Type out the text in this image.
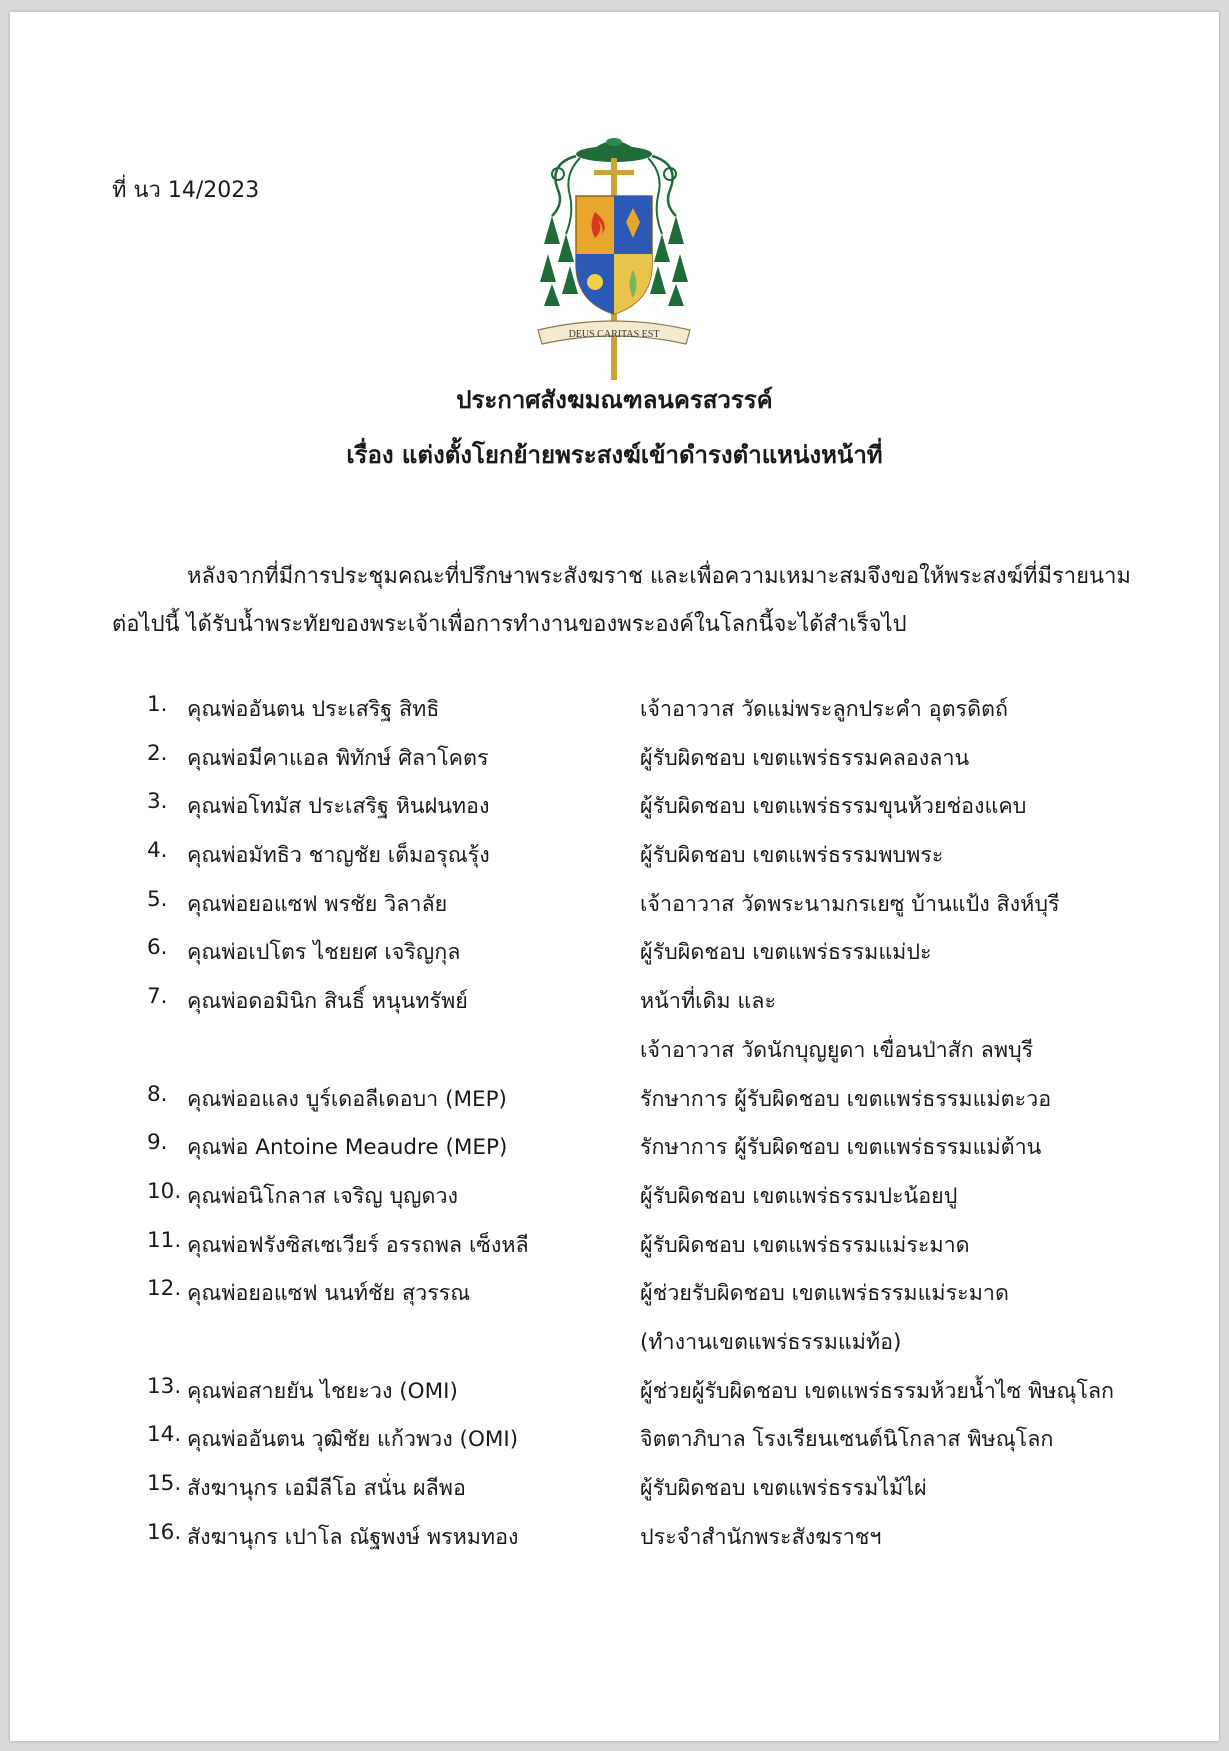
ที่ นว 14/2023
DEUS CARITAS EST
ประกาศสังฆมณฑลนครสวรรค์
เรื่อง แต่งตั้งโยกย้ายพระสงฆ์เข้าดำรงตำแหน่งหน้าที่
หลังจากที่มีการประชุมคณะที่ปรึกษาพระสังฆราช และเพื่อความเหมาะสมจึงขอให้พระสงฆ์ที่มีรายนาม
ต่อไปนี้ ได้รับน้ำพระทัยของพระเจ้าเพื่อการทำงานของพระองค์ในโลกนี้จะได้สำเร็จไป
1. คุณพ่ออันตน ประเสริฐ สิทธิ	เจ้าอาวาส วัดแม่พระลูกประคำ อุตรดิตถ์
2. คุณพ่อมีคาแอล พิทักษ์ ศิลาโคตร	ผู้รับผิดชอบ เขตแพร่ธรรมคลองลาน
3. คุณพ่อโทมัส ประเสริฐ หินฝนทอง	ผู้รับผิดชอบ เขตแพร่ธรรมขุนห้วยช่องแคบ
4. คุณพ่อมัทธิว ชาญชัย เต็มอรุณรุ้ง	ผู้รับผิดชอบ เขตแพร่ธรรมพบพระ
5. คุณพ่อยอแซฟ พรชัย วิลาลัย	เจ้าอาวาส วัดพระนามกรเยซู บ้านแป้ง สิงห์บุรี
6. คุณพ่อเปโตร ไชยยศ เจริญกุล	ผู้รับผิดชอบ เขตแพร่ธรรมแม่ปะ
7. คุณพ่อดอมินิก สินธิ์ หนุนทรัพย์	หน้าที่เดิม และ
เจ้าอาวาส วัดนักบุญยูดา เขื่อนป่าสัก ลพบุรี
8. คุณพ่ออแลง บูร์เดอลีเดอบา (MEP)	รักษาการ ผู้รับผิดชอบ เขตแพร่ธรรมแม่ตะวอ
9. คุณพ่อ Antoine Meaudre (MEP)	รักษาการ ผู้รับผิดชอบ เขตแพร่ธรรมแม่ต้าน
10. คุณพ่อนิโกลาส เจริญ บุญดวง	ผู้รับผิดชอบ เขตแพร่ธรรมปะน้อยปู
11. คุณพ่อฟรังซิสเซเวียร์ อรรถพล เซ็งหลี	ผู้รับผิดชอบ เขตแพร่ธรรมแม่ระมาด
12. คุณพ่อยอแซฟ นนท์ชัย สุวรรณ	ผู้ช่วยรับผิดชอบ เขตแพร่ธรรมแม่ระมาด
(ทำงานเขตแพร่ธรรมแม่ท้อ)
13. คุณพ่อสายยัน ไชยะวง (OMI)	ผู้ช่วยผู้รับผิดชอบ เขตแพร่ธรรมห้วยน้ำไซ พิษณุโลก
14. คุณพ่ออันตน วุฒิชัย แก้วพวง (OMI)	จิตตาภิบาล โรงเรียนเซนต์นิโกลาส พิษณุโลก
15. สังฆานุกร เอมีลีโอ สนั่น ผลีพอ	ผู้รับผิดชอบ เขตแพร่ธรรมไม้ไผ่
16. สังฆานุกร เปาโล ณัฐพงษ์ พรหมทอง	ประจำสำนักพระสังฆราชฯ
